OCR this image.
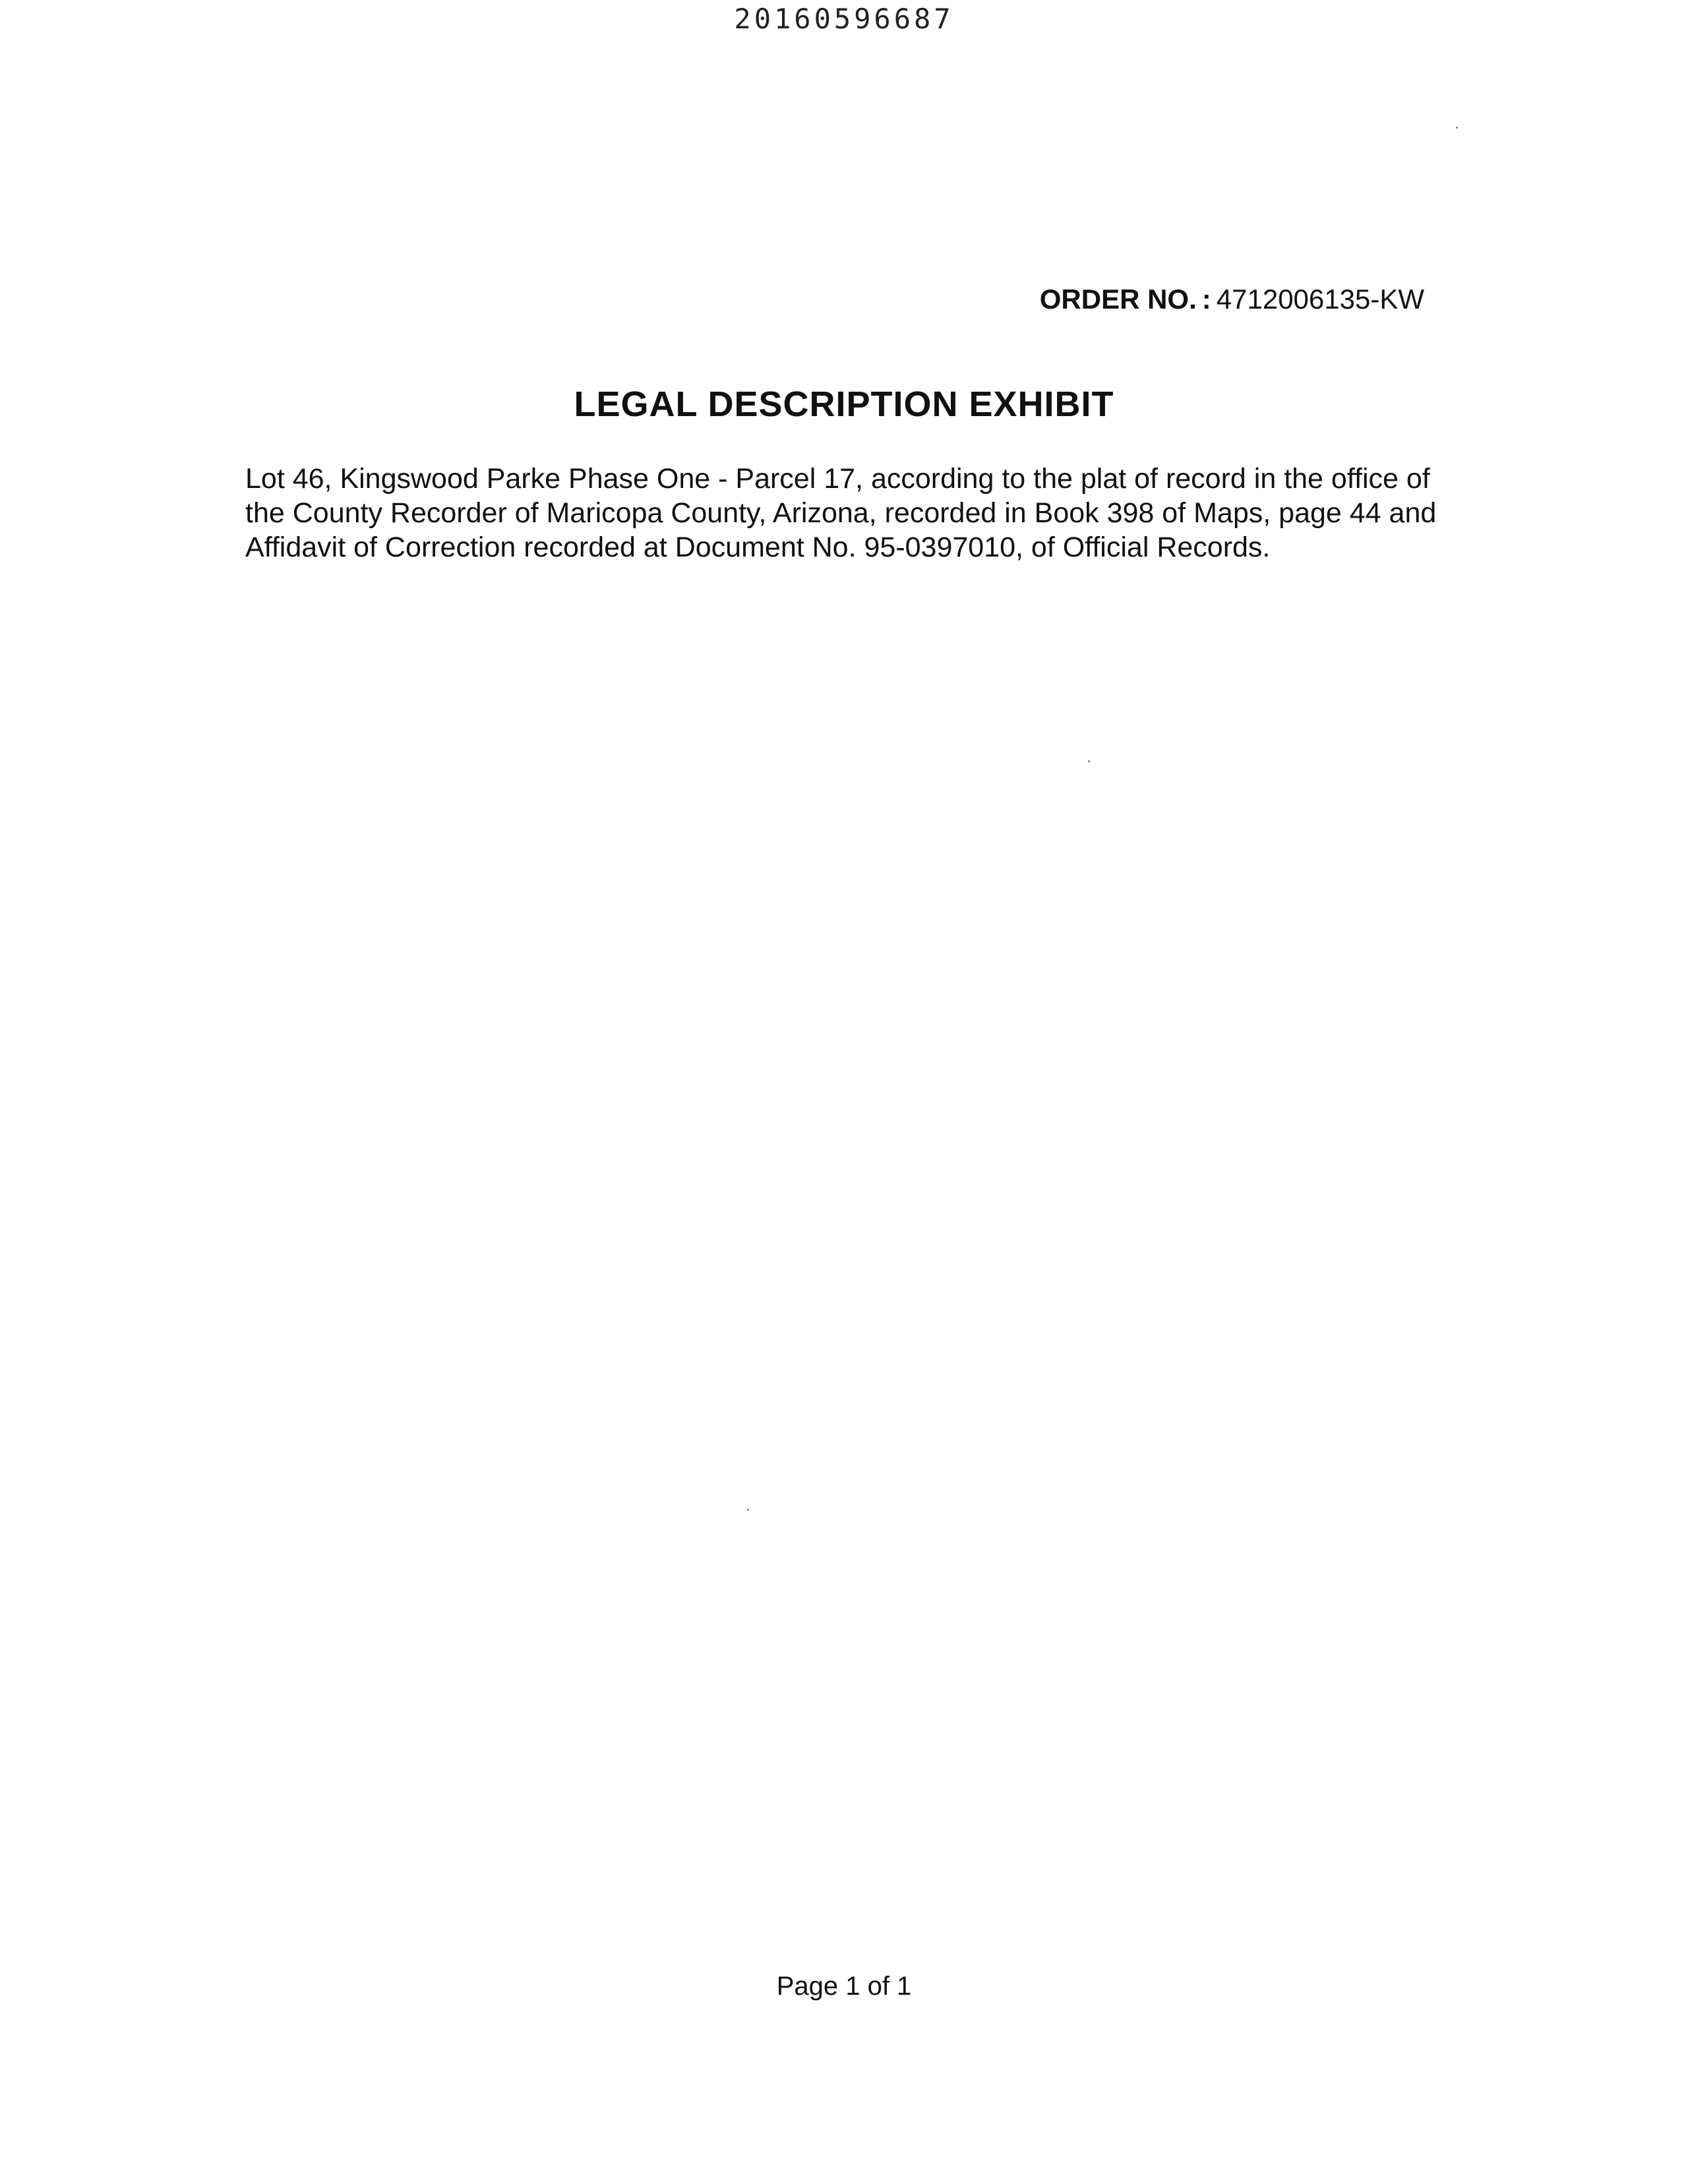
20160596687
ORDER NO. : 4712006135-KW
LEGAL DESCRIPTION EXHIBIT
Lot 46, Kingswood Parke Phase One - Parcel 17, according to the plat of record in the office of
the County Recorder of Maricopa County, Arizona, recorded in Book 398 of Maps, page 44 and
Affidavit of Correction recorded at Document No. 95-0397010, of Official Records.
Page 1 of 1
